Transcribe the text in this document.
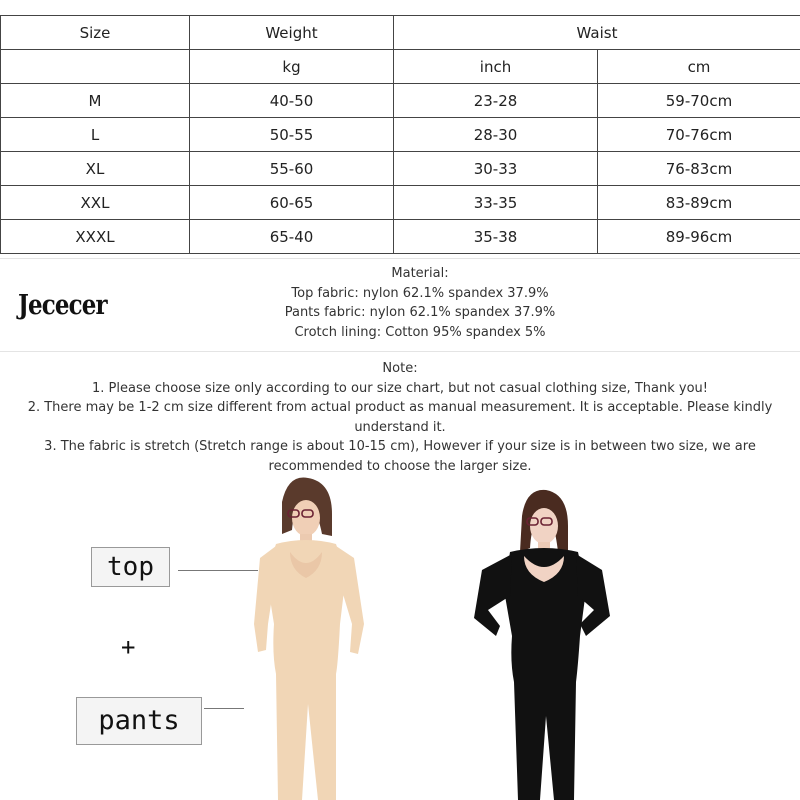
Size	Weight	Waist	
	kg	inch	cm
M	40-50	23-28	59-70cm
L	50-55	28-30	70-76cm
XL	55-60	30-33	76-83cm
XXL	60-65	33-35	83-89cm
XXXL	65-40	35-38	89-96cm
Jececer
Material:
Top fabric: nylon 62.1% spandex 37.9%
Pants fabric: nylon 62.1% spandex 37.9%
Crotch lining: Cotton 95% spandex 5%
Note:
1. Please choose size only according to our size chart, but not casual clothing size, Thank you!
2. There may be 1-2 cm size different from actual product as manual measurement. It is acceptable. Please kindly understand it.
3. The fabric is stretch (Stretch range is about 10-15 cm), However if your size is in between two size, we are recommended to choose the larger size.
top
+
pants
